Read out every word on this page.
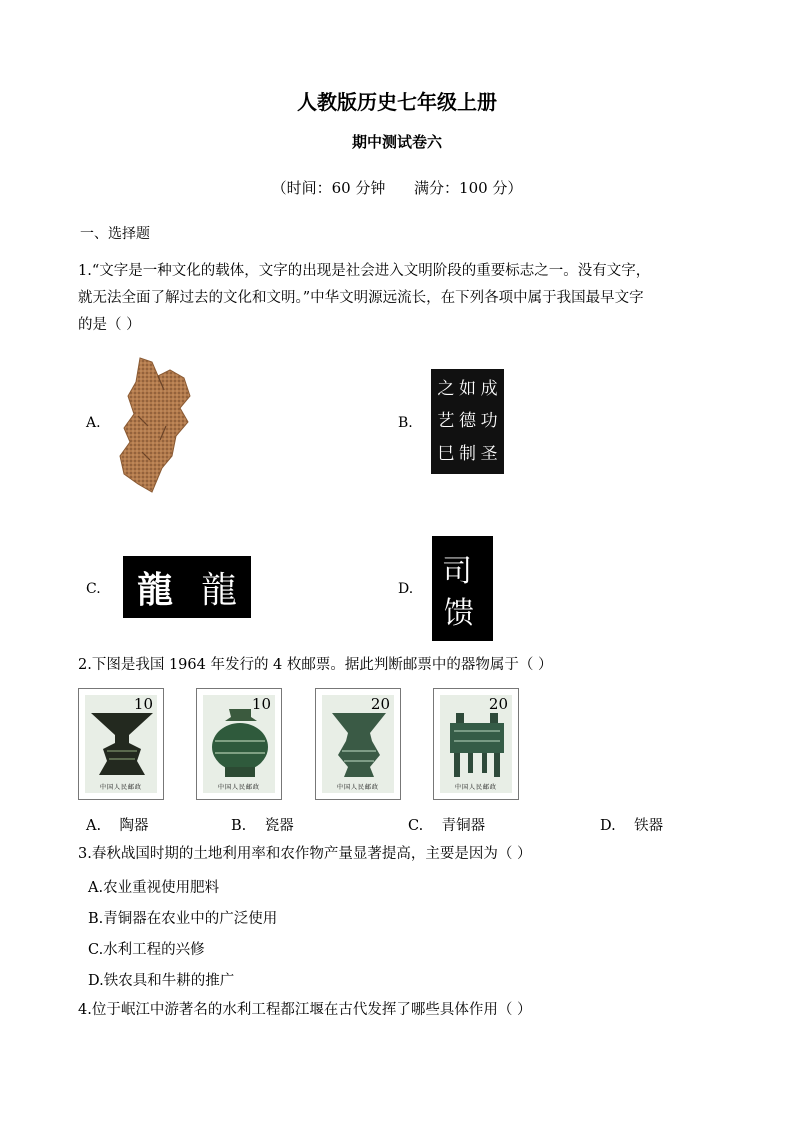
人教版历史七年级上册
期中测试卷六
（时间：60 分钟      满分：100 分）
一、选择题
1.“文字是一种文化的载体，文字的出现是社会进入文明阶段的重要标志之一。没有文字，
就无法全面了解过去的文化和文明。”中华文明源远流长，在下列各项中属于我国最早文字
的是（ ）
A.	B.
之 如 成
艺 德 功
巳 制 圣
C. 龍 龍	D. 司
馈
2.下图是我国 1964 年发行的 4 枚邮票。据此判断邮票中的器物属于（ ）
10
中国人民邮政
10
中国人民邮政
20
中国人民邮政
20
中国人民邮政
A.    陶器	B.    瓷器	C.    青铜器	D.    铁器
3.春秋战国时期的土地利用率和农作物产量显著提高，主要是因为（ ）
A.农业重视使用肥料
B.青铜器在农业中的广泛使用
C.水利工程的兴修
D.铁农具和牛耕的推广
4.位于岷江中游著名的水利工程都江堰在古代发挥了哪些具体作用（ ）
